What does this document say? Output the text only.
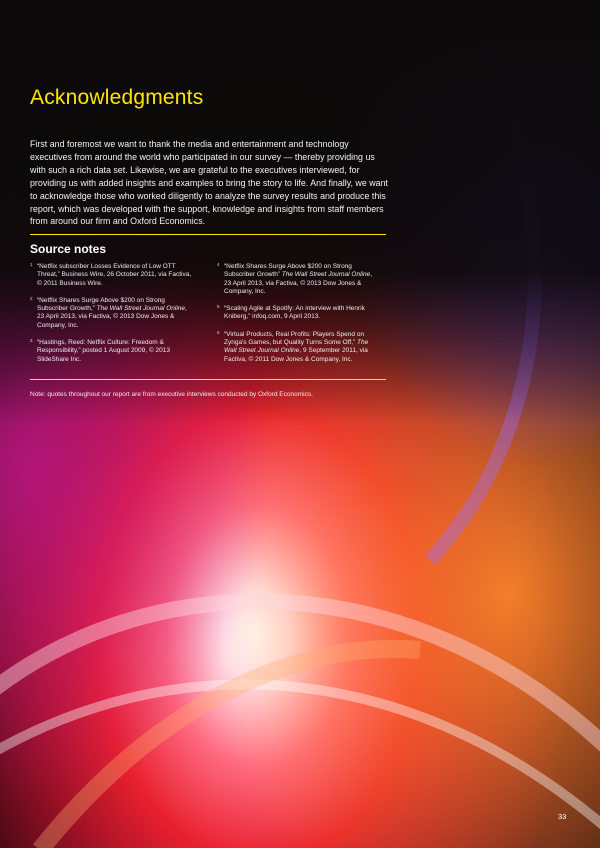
Acknowledgments

First and foremost we want to thank the media and entertainment and technology executives from around the world who participated in our survey — thereby providing us with such a rich data set. Likewise, we are grateful to the executives interviewed, for providing us with added insights and examples to bring the story to life. And finally, we want to acknowledge those who worked diligently to analyze the survey results and produce this report, which was developed with the support, knowledge and insights from staff members from around our firm and Oxford Economics.

Source notes

1 “Netflix subscriber Losses Evidence of Low OTT Threat,” Business Wire, 26 October 2011, via Factiva, © 2011 Business Wire.

2 “Netflix Shares Surge Above $200 on Strong Subscriber Growth,” The Wall Street Journal Online, 23 April 2013, via Factiva, © 2013 Dow Jones & Company, Inc.

3 “Hastings, Reed: Netflix Culture: Freedom & Responsibility,” posted 1 August 2009, © 2013 SlideShare Inc.

4 “Netflix Shares Surge Above $200 on Strong Subscriber Growth” The Wall Street Journal Online, 23 April 2013, via Factiva, © 2013 Dow Jones & Company, Inc.

5 “Scaling Agile at Spotify: An interview with Henrik Kniberg,” infoq.com, 9 April 2013.

6 “Virtual Products, Real Profits: Players Spend on Zynga's Games, but Quality Turns Some Off,” The Wall Street Journal Online, 9 September 2011, via Factiva, © 2011 Dow Jones & Company, Inc.

Note: quotes throughout our report are from executive interviews conducted by Oxford Economics.

33
